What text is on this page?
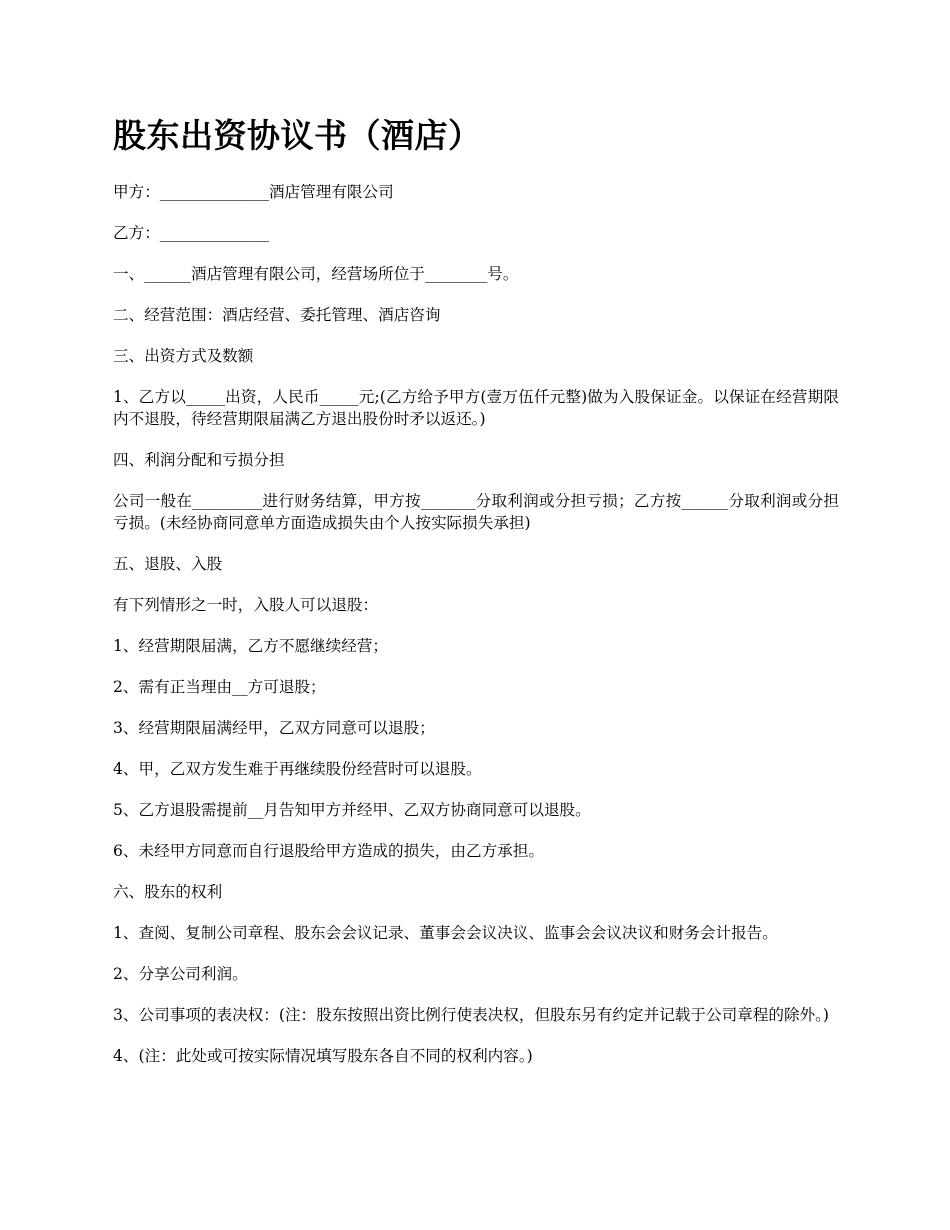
股东出资协议书（酒店）

甲方：______________酒店管理有限公司

乙方：______________

一、______酒店管理有限公司，经营场所位于________号。

二、经营范围：酒店经营、委托管理、酒店咨询

三、出资方式及数额

1、乙方以_____出资，人民币_____元;(乙方给予甲方(壹万伍仟元整)做为入股保证金。以保证在经营期限内不退股，待经营期限届满乙方退出股份时矛以返还。)

四、利润分配和亏损分担

公司一般在_________进行财务结算，甲方按_______分取利润或分担亏损；乙方按______分取利润或分担亏损。(未经协商同意单方面造成损失由个人按实际损失承担)

五、退股、入股

有下列情形之一时，入股人可以退股：

1、经营期限届满，乙方不愿继续经营；

2、需有正当理由__方可退股；

3、经营期限届满经甲，乙双方同意可以退股；

4、甲，乙双方发生难于再继续股份经营时可以退股。

5、乙方退股需提前__月告知甲方并经甲、乙双方协商同意可以退股。

6、未经甲方同意而自行退股给甲方造成的损失，由乙方承担。

六、股东的权利

1、查阅、复制公司章程、股东会会议记录、董事会会议决议、监事会会议决议和财务会计报告。

2、分享公司利润。

3、公司事项的表决权：(注：股东按照出资比例行使表决权，但股东另有约定并记载于公司章程的除外。)

4、(注：此处或可按实际情况填写股东各自不同的权利内容。)
